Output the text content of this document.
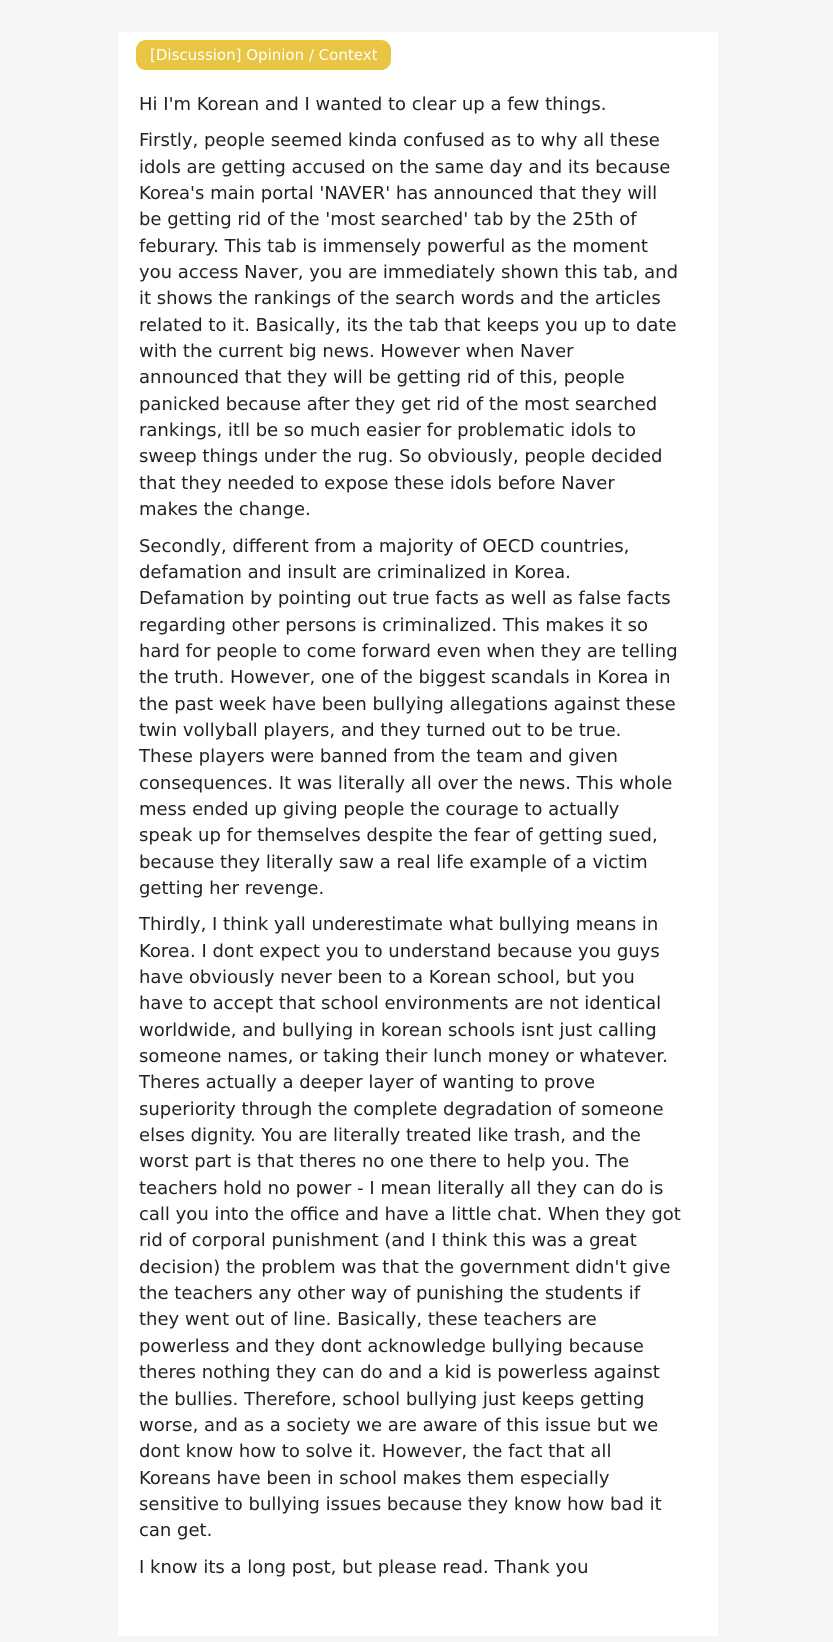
[Discussion] Opinion / Context

Hi I'm Korean and I wanted to clear up a few things.

Firstly, people seemed kinda confused as to why all these
idols are getting accused on the same day and its because
Korea's main portal 'NAVER' has announced that they will
be getting rid of the 'most searched' tab by the 25th of
feburary. This tab is immensely powerful as the moment
you access Naver, you are immediately shown this tab, and
it shows the rankings of the search words and the articles
related to it. Basically, its the tab that keeps you up to date
with the current big news. However when Naver
announced that they will be getting rid of this, people
panicked because after they get rid of the most searched
rankings, itll be so much easier for problematic idols to
sweep things under the rug. So obviously, people decided
that they needed to expose these idols before Naver
makes the change.

Secondly, different from a majority of OECD countries,
defamation and insult are criminalized in Korea.
Defamation by pointing out true facts as well as false facts
regarding other persons is criminalized. This makes it so
hard for people to come forward even when they are telling
the truth. However, one of the biggest scandals in Korea in
the past week have been bullying allegations against these
twin vollyball players, and they turned out to be true.
These players were banned from the team and given
consequences. It was literally all over the news. This whole
mess ended up giving people the courage to actually
speak up for themselves despite the fear of getting sued,
because they literally saw a real life example of a victim
getting her revenge.

Thirdly, I think yall underestimate what bullying means in
Korea. I dont expect you to understand because you guys
have obviously never been to a Korean school, but you
have to accept that school environments are not identical
worldwide, and bullying in korean schools isnt just calling
someone names, or taking their lunch money or whatever.
Theres actually a deeper layer of wanting to prove
superiority through the complete degradation of someone
elses dignity. You are literally treated like trash, and the
worst part is that theres no one there to help you. The
teachers hold no power - I mean literally all they can do is
call you into the office and have a little chat. When they got
rid of corporal punishment (and I think this was a great
decision) the problem was that the government didn't give
the teachers any other way of punishing the students if
they went out of line. Basically, these teachers are
powerless and they dont acknowledge bullying because
theres nothing they can do and a kid is powerless against
the bullies. Therefore, school bullying just keeps getting
worse, and as a society we are aware of this issue but we
dont know how to solve it. However, the fact that all
Koreans have been in school makes them especially
sensitive to bullying issues because they know how bad it
can get.

I know its a long post, but please read. Thank you
